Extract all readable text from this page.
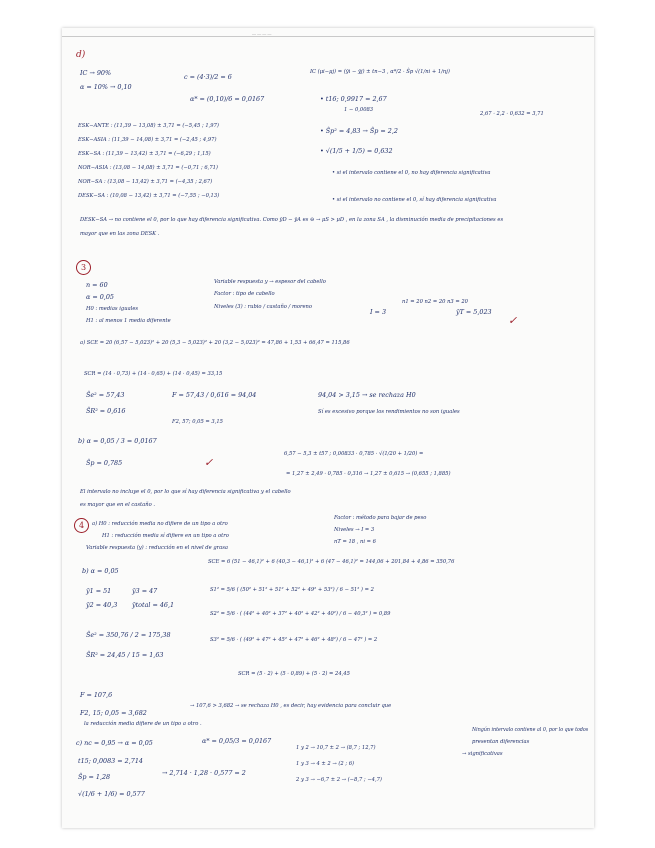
— — — —
d)
IC → 90%
α = 10% → 0,10
c = (4·3)/2 = 6
α* = (0,10)/6 = 0,0167
IC (μi−μj) = (ȳi − ȳj) ± tn−3 , α*/2 · Ŝp √(1/ni + 1/nj)
• t16; 0,9917 = 2,67
1 − 0,0083
2,67 · 2,2 · 0,632 = 3,71
ESK−ANTE : (11,39 − 13,08) ± 3,71 = (−5,45 ; 1,97)
ESK−ASIA : (11,39 − 14,08) ± 3,71 = (−2,45 ; 4,97)
ESK−SA : (11,39 − 13,42) ± 3,71 = (−6,29 ; 1,15)
NOR−ASIA : (13,08 − 14,08) ± 3,71 = (−0,71 ; 6,71)
NOR−SA : (13,08 − 13,42) ± 3,71 = (−4,35 ; 2,67)
DESK−SA : (10,08 − 13,42) ± 3,71 = (−7,55 ; −0,13)
• Ŝp² = 4,83 → Ŝp = 2,2
• √(1/5 + 1/5) = 0,632
• si el intervalo contiene el 0, no hay diferencia significativa
• si el intervalo no contiene el 0, sí hay diferencia significativa
DESK−SA → no contiene el 0, por lo que hay diferencia significativa. Como ȳD − ȳA es ⊖ → μS > μD , en la zona SA , la disminución media de precipitaciones es
mayor que en las zona DESK .
3
n = 60
α = 0,05
H0 : medias iguales
H1 : al menos 1 media diferente
Variable respuesta y → espesor del cabello
Factor : tipo de cabello
Niveles (3) : rubio / castaño / moreno
I = 3
n1 = 20 n2 = 20 n3 = 20
ȳT = 5,023
✓
a) SCE = 20 (6,57 − 5,023)² + 20 (5,3 − 5,023)² + 20 (3,2 − 5,023)² = 47,86 + 1,53 + 66,47 = 115,86
SCR = (14 · 0,73) + (14 · 0,65) + (14 · 0,45) = 33,15
Ŝe² = 57,43	F = 57,43 / 0,616 = 94,04	94,04 > 3,15 → se rechaza H0
ŜR² = 0,616
F2, 57; 0,05 = 3,15
Sí es excesivo porque los rendimientos no son iguales
b) α = 0,05 / 3 = 0,0167
Ŝp = 0,785	✓
6,57 − 5,3 ± t57 ; 0,00833 · 0,785 · √(1/20 + 1/20) =
= 1,27 ± 2,49 · 0,785 · 0,316 → 1,27 ± 0,615 → (0,655 ; 1,885)
El intervalo no incluye el 0, por lo que sí hay diferencia significativa y el cabello
es mayor que en el castaño .
4	a) H0 : reducción media no difiere de un tipo a otro
H1 : reducción media sí difiere en un tipo a otro
Variable respuesta (y) : reducción en el nivel de grasa
Factor : método para bajar de peso
Niveles → I = 3
nT = 18 , ni = 6
b) α = 0,05
SCE = 6 (51 − 46,1)² + 6 (40,3 − 46,1)² + 6 (47 − 46,1)² = 144,06 + 201,84 + 4,86 = 350,76
ȳ1 = 51	ȳ3 = 47
ȳ2 = 40,3 ȳtotal = 46,1
S1² = 5/6 ( (50² + 51² + 51² + 52² + 49² + 53²) / 6 − 51² ) = 2
S2² = 5/6 · ( (44² + 40² + 37² + 40² + 42² + 40²) / 6 − 40,3² ) = 0,89
Ŝe² = 350,76 / 2 = 175,38
ŜR² = 24,45 / 15 = 1,63
S3² = 5/6 · ( (49² + 47² + 45² + 47² + 46² + 48²) / 6 − 47² ) = 2
SCR = (5 · 2) + (5 · 0,89) + (5 · 2) = 24,45
F = 107,6
F2, 15; 0,05 = 3,682
→ 107,6 > 3,682 → se rechaza H0 , es decir, hay evidencia para concluir que
la reducción media difiere de un tipo a otro .
c) nc = 0,95 → α = 0,05	α* = 0,05/3 = 0,0167
t15; 0,0083 = 2,714
Ŝp = 1,28
√(1/6 + 1/6) = 0,577
→ 2,714 · 1,28 · 0,577 = 2
1 y 2 → 10,7 ± 2 → (8,7 ; 12,7)
1 y 3 → 4 ± 2 → (2 ; 6)
2 y 3 → −6,7 ± 2 → (−8,7 ; −4,7)
Ningún intervalo contiene al 0, por lo que todos
presentan diferencias
→ significativas
